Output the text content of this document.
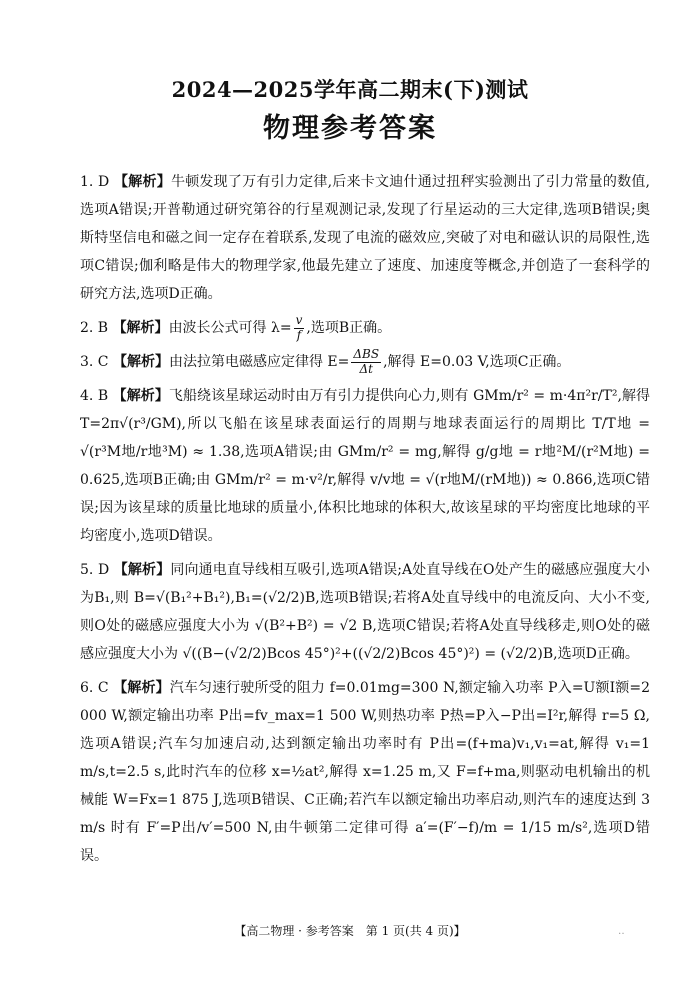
2024—2025学年高二期末(下)测试
物理参考答案
1. D 【解析】牛顿发现了万有引力定律,后来卡文迪什通过扭秤实验测出了引力常量的数值,选项A错误;开普勒通过研究第谷的行星观测记录,发现了行星运动的三大定律,选项B错误;奥斯特坚信电和磁之间一定存在着联系,发现了电流的磁效应,突破了对电和磁认识的局限性,选项C错误;伽利略是伟大的物理学家,他最先建立了速度、加速度等概念,并创造了一套科学的研究方法,选项D正确。
2. B 【解析】由波长公式可得 $\lambda= \frac{v}{f}$ ,选项B正确。
3. C 【解析】由法拉第电磁感应定律得 $E= \frac{\text{ΔBS}}{\Delta t}$ ,解得 E=0.03 V,选项C正确。
4. B 【解析】飞船绕该星球运动时由万有引力提供向心力,则有 GMm/r² = m·4π²r/T²,解得 T=2π√(r³/GM),所以飞船在该星球表面运行的周期与地球表面运行的周期比 T/T地 = √(r³M地/r地³M) ≈ 1.38,选项A错误;由 GMm/r² = mg,解得 g/g地 = r地²M/(r²M地) = 0.625,选项B正确;由 GMm/r² = m·v²/r,解得 v/v地 = √(r地M/(rM地)) ≈ 0.866,选项C错误;因为该星球的质量比地球的质量小,体积比地球的体积大,故该星球的平均密度比地球的平均密度小,选项D错误。
5. D 【解析】同向通电直导线相互吸引,选项A错误;A处直导线在O处产生的磁感应强度大小为B₁,则 B=√(B₁²+B₁²),B₁=(√2/2)B,选项B错误;若将A处直导线中的电流反向、大小不变,则O处的磁感应强度大小为 √(B²+B²) = √2 B,选项C错误;若将A处直导线移走,则O处的磁感应强度大小为 √((B−(√2/2)Bcos 45°)²+((√2/2)Bcos 45°)²) = (√2/2)B,选项D正确。
6. C 【解析】汽车匀速行驶所受的阻力 f=0.01mg=300 N,额定输入功率 P入=U额I额=2 000 W,额定输出功率 P出=fv_max=1 500 W,则热功率 P热=P入−P出=I²r,解得 r=5 Ω,选项A错误;汽车匀加速启动,达到额定输出功率时有 P出=(f+ma)v₁,v₁=at,解得 v₁=1 m/s,t=2.5 s,此时汽车的位移 x=½at²,解得 x=1.25 m,又 F=f+ma,则驱动电机输出的机械能 W=Fx=1 875 J,选项B错误、C正确;若汽车以额定输出功率启动,则汽车的速度达到 3 m/s 时有 F′=P出/v′=500 N,由牛顿第二定律可得 a′=(F′−f)/m = 1/15 m/s²,选项D错误。
【高二物理 · 参考答案　第 1 页(共 4 页)】	‥
